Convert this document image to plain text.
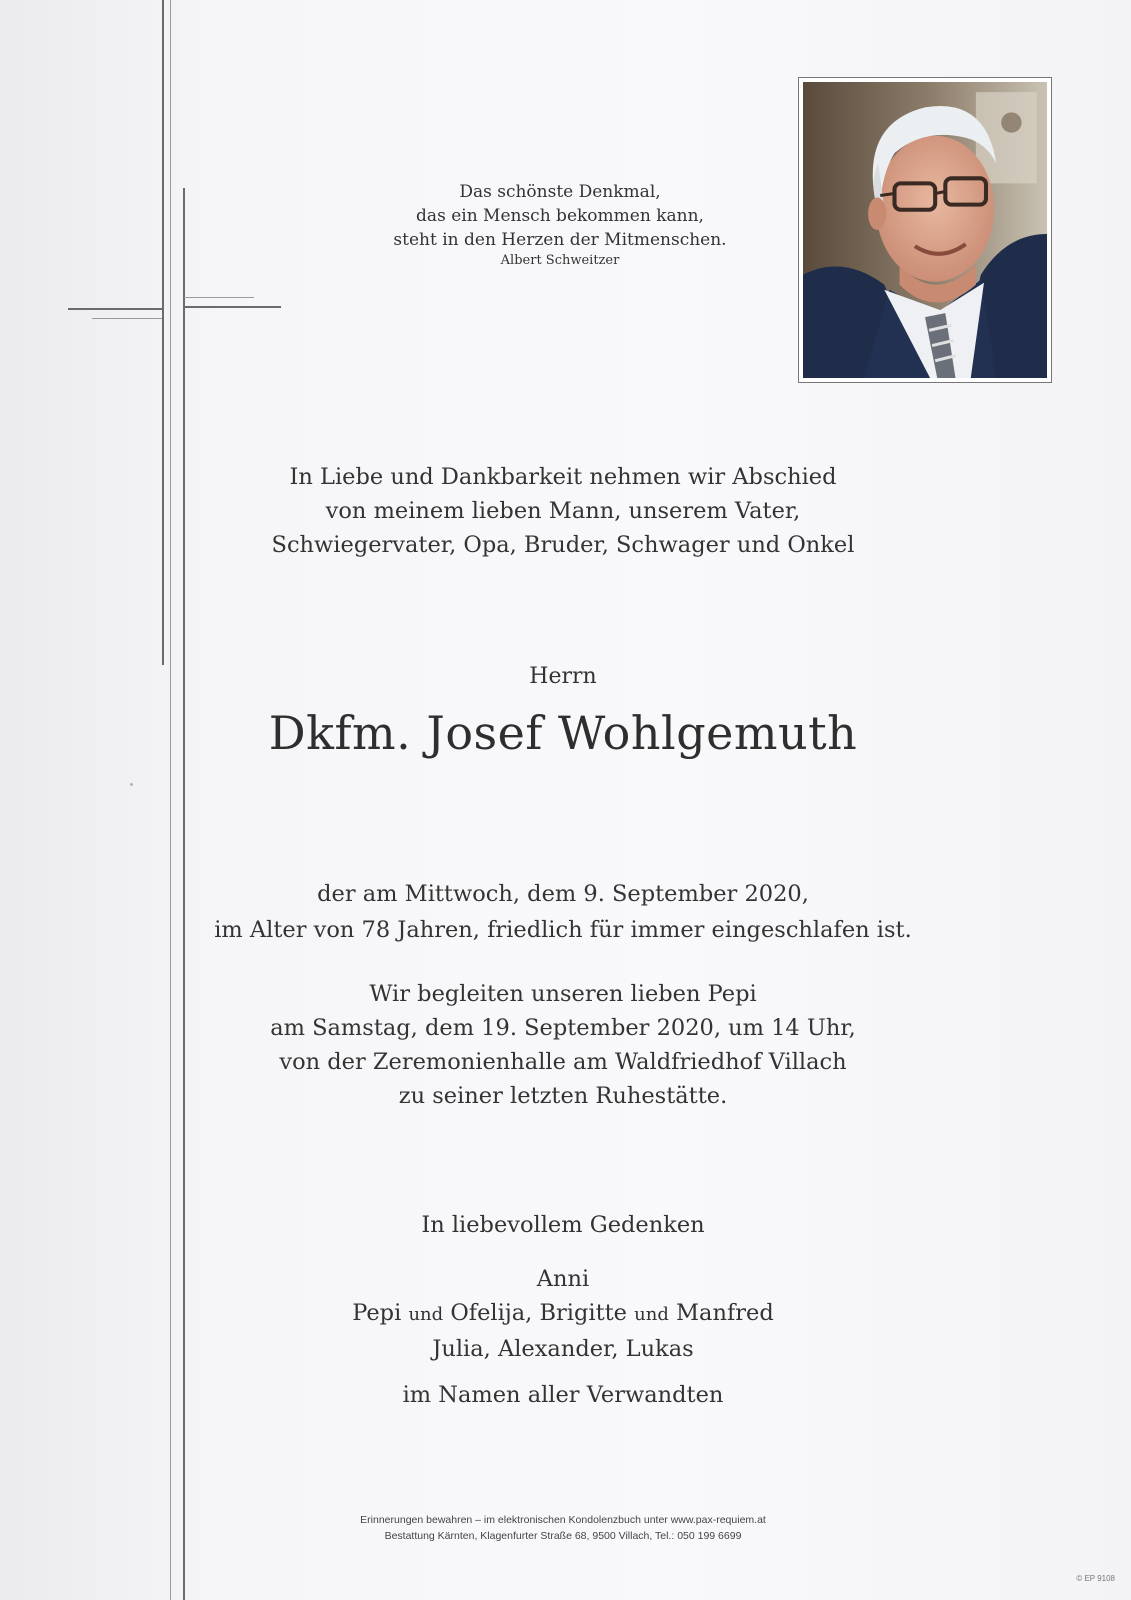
Das schönste Denkmal,
das ein Mensch bekommen kann,
steht in den Herzen der Mitmenschen.
Albert Schweitzer
In Liebe und Dankbarkeit nehmen wir Abschied
von meinem lieben Mann, unserem Vater,
Schwiegervater, Opa, Bruder, Schwager und Onkel
Herrn
Dkfm. Josef Wohlgemuth
der am Mittwoch, dem 9. September 2020,
im Alter von 78 Jahren, friedlich für immer eingeschlafen ist.
Wir begleiten unseren lieben Pepi
am Samstag, dem 19. September 2020, um 14 Uhr,
von der Zeremonienhalle am Waldfriedhof Villach
zu seiner letzten Ruhestätte.
In liebevollem Gedenken
Anni
Pepi und Ofelija, Brigitte und Manfred
Julia, Alexander, Lukas
im Namen aller Verwandten
Erinnerungen bewahren – im elektronischen Kondolenzbuch unter www.pax-requiem.at
Bestattung Kärnten, Klagenfurter Straße 68, 9500 Villach, Tel.: 050 199 6699
© EP 9108
